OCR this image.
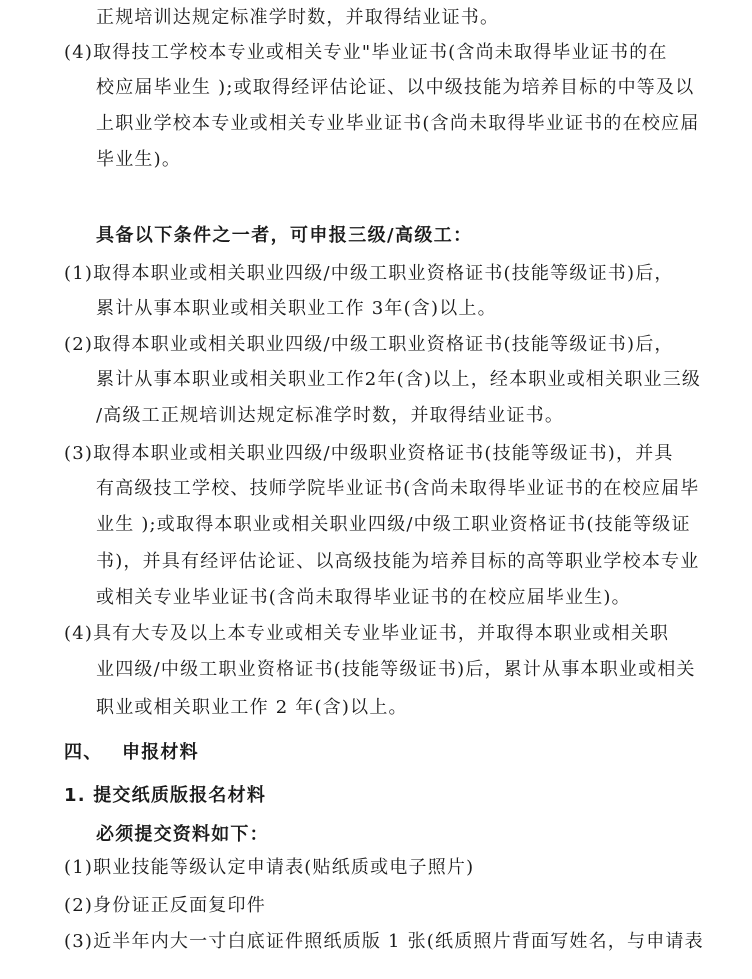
正规培训达规定标准学时数，并取得结业证书。
(4)取得技工学校本专业或相关专业"毕业证书(含尚未取得毕业证书的在
校应届毕业生 );或取得经评估论证、以中级技能为培养目标的中等及以
上职业学校本专业或相关专业毕业证书(含尚未取得毕业证书的在校应届
毕业生)。
具备以下条件之一者，可申报三级/高级工：
(1)取得本职业或相关职业四级/中级工职业资格证书(技能等级证书)后，
累计从事本职业或相关职业工作 3年(含)以上。
(2)取得本职业或相关职业四级/中级工职业资格证书(技能等级证书)后，
累计从事本职业或相关职业工作2年(含)以上，经本职业或相关职业三级
/高级工正规培训达规定标准学时数，并取得结业证书。
(3)取得本职业或相关职业四级/中级职业资格证书(技能等级证书)，并具
有高级技工学校、技师学院毕业证书(含尚未取得毕业证书的在校应届毕
业生 );或取得本职业或相关职业四级/中级工职业资格证书(技能等级证
书)，并具有经评估论证、以高级技能为培养目标的高等职业学校本专业
或相关专业毕业证书(含尚未取得毕业证书的在校应届毕业生)。
(4)具有大专及以上本专业或相关专业毕业证书，并取得本职业或相关职
业四级/中级工职业资格证书(技能等级证书)后，累计从事本职业或相关
职业或相关职业工作 2 年(含)以上。
四、 申报材料
1. 提交纸质版报名材料
必须提交资料如下：
(1)职业技能等级认定申请表(贴纸质或电子照片)
(2)身份证正反面复印件
(3)近半年内大一寸白底证件照纸质版 1 张(纸质照片背面写姓名，与申请表
